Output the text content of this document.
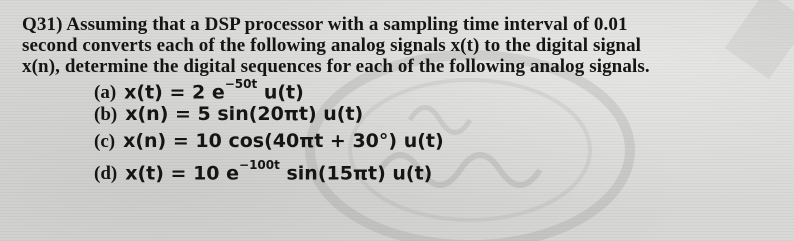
Q31) Assuming that a DSP processor with a sampling time interval of 0.01
second converts each of the following analog signals x(t) to the digital signal
x(n), determine the digital sequences for each of the following analog signals.
(a) x(t) = 2 $e^{-50t}$ u(t)
(b) x(n) = 5 sin(20πt) u(t)
(c) x(n) = 10 cos(40πt + 30°) u(t)
(d) x(t) = 10 $e^{-100t}$ sin(15πt) u(t)
